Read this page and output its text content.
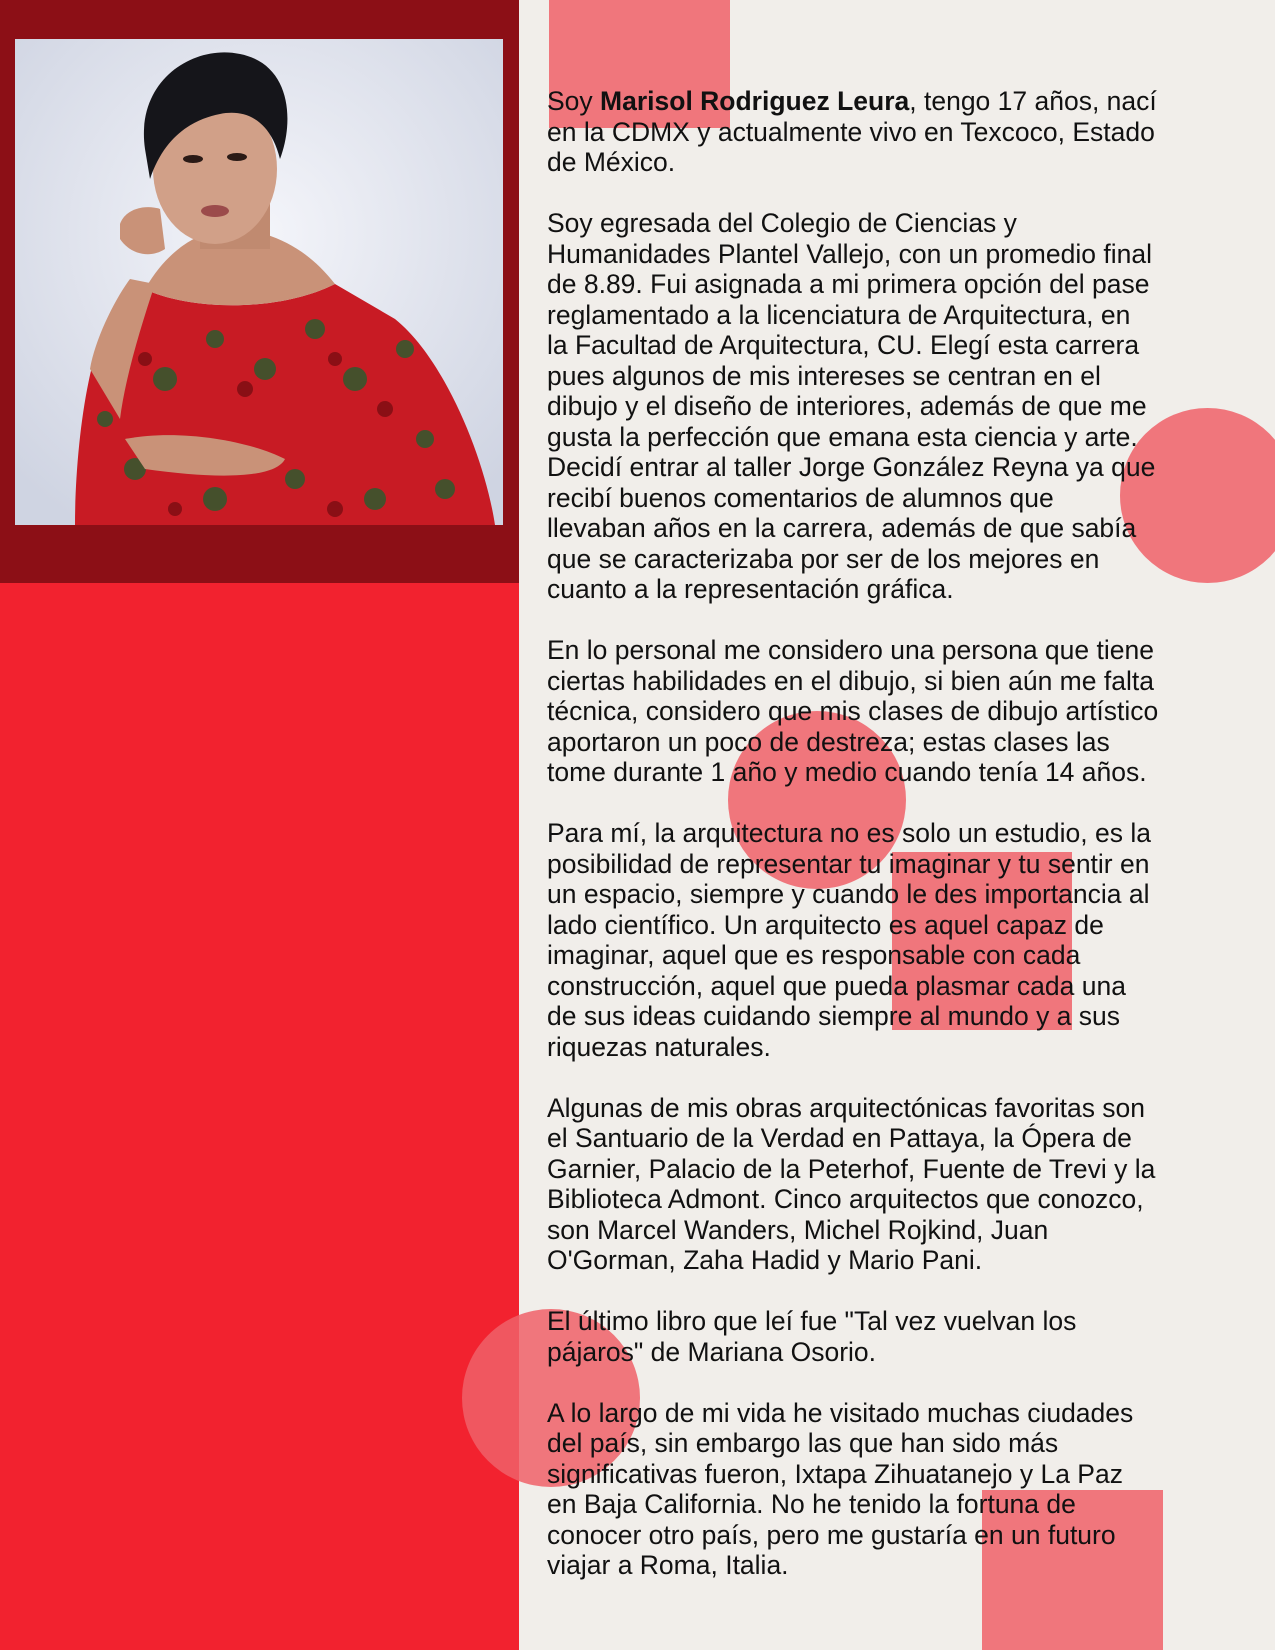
Soy Marisol Rodriguez Leura, tengo 17 años, nací
en la CDMX y actualmente vivo en Texcoco, Estado
de México.

Soy egresada del Colegio de Ciencias y
Humanidades Plantel Vallejo, con un promedio final
de 8.89. Fui asignada a mi primera opción del pase
reglamentado a la licenciatura de Arquitectura, en
la Facultad de Arquitectura, CU. Elegí esta carrera
pues algunos de mis intereses se centran en el
dibujo y el diseño de interiores, además de que me
gusta la perfección que emana esta ciencia y arte.
Decidí entrar al taller Jorge González Reyna ya que
recibí buenos comentarios de alumnos que
llevaban años en la carrera, además de que sabía
que se caracterizaba por ser de los mejores en
cuanto a la representación gráfica.

En lo personal me considero una persona que tiene
ciertas habilidades en el dibujo, si bien aún me falta
técnica, considero que mis clases de dibujo artístico
aportaron un poco de destreza; estas clases las
tome durante 1 año y medio cuando tenía 14 años.

Para mí, la arquitectura no es solo un estudio, es la
posibilidad de representar tu imaginar y tu sentir en
un espacio, siempre y cuando le des importancia al
lado científico. Un arquitecto es aquel capaz de
imaginar, aquel que es responsable con cada
construcción, aquel que pueda plasmar cada una
de sus ideas cuidando siempre al mundo y a sus
riquezas naturales.

Algunas de mis obras arquitectónicas favoritas son
el Santuario de la Verdad en Pattaya, la Ópera de
Garnier, Palacio de la Peterhof, Fuente de Trevi y la
Biblioteca Admont. Cinco arquitectos que conozco,
son Marcel Wanders, Michel Rojkind, Juan
O'Gorman, Zaha Hadid y Mario Pani.

El último libro que leí fue "Tal vez vuelvan los
pájaros" de Mariana Osorio.

A lo largo de mi vida he visitado muchas ciudades
del país, sin embargo las que han sido más
significativas fueron, Ixtapa Zihuatanejo y La Paz
en Baja California. No he tenido la fortuna de
conocer otro país, pero me gustaría en un futuro
viajar a Roma, Italia.
